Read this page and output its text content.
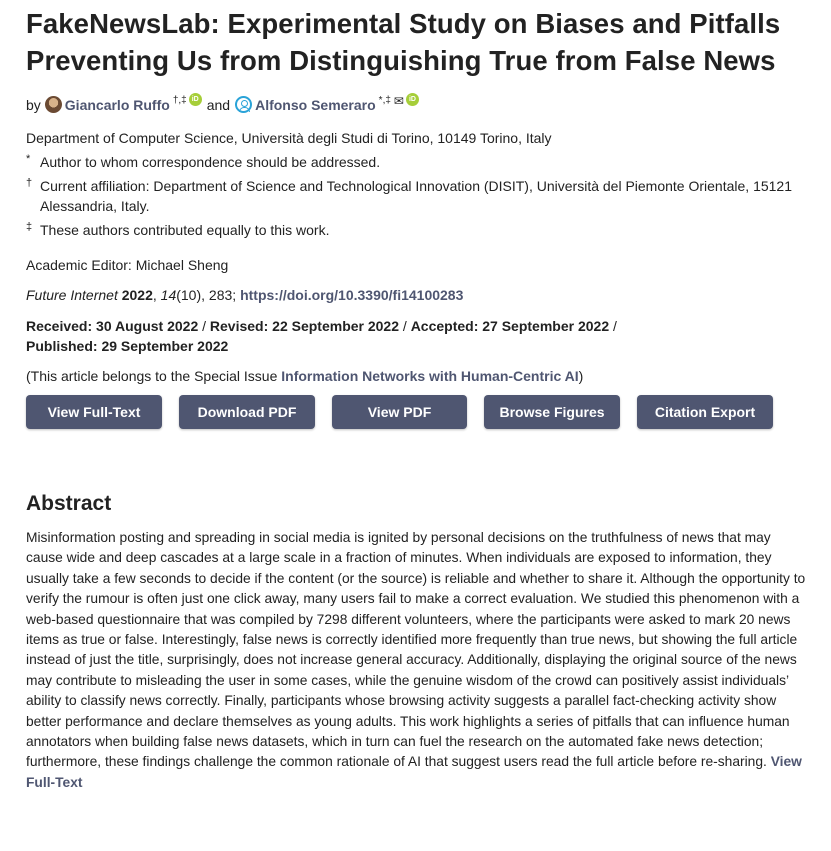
FakeNewsLab: Experimental Study on Biases and Pitfalls Preventing Us from Distinguishing True from False News
by Giancarlo Ruffo †,‡ iD and Alfonso Semeraro *,‡ ✉ iD
Department of Computer Science, Università degli Studi di Torino, 10149 Torino, Italy
* Author to whom correspondence should be addressed.
† Current affiliation: Department of Science and Technological Innovation (DISIT), Università del Piemonte Orientale, 15121 Alessandria, Italy.
‡ These authors contributed equally to this work.
Academic Editor: Michael Sheng
Future Internet 2022, 14(10), 283; https://doi.org/10.3390/fi14100283
Received: 30 August 2022 / Revised: 22 September 2022 / Accepted: 27 September 2022 / Published: 29 September 2022
(This article belongs to the Special Issue Information Networks with Human-Centric AI)
View Full-Text	Download PDF	View PDF	Browse Figures	Citation Export
Abstract
Misinformation posting and spreading in social media is ignited by personal decisions on the truthfulness of news that may cause wide and deep cascades at a large scale in a fraction of minutes. When individuals are exposed to information, they usually take a few seconds to decide if the content (or the source) is reliable and whether to share it. Although the opportunity to verify the rumour is often just one click away, many users fail to make a correct evaluation. We studied this phenomenon with a web-based questionnaire that was compiled by 7298 different volunteers, where the participants were asked to mark 20 news items as true or false. Interestingly, false news is correctly identified more frequently than true news, but showing the full article instead of just the title, surprisingly, does not increase general accuracy. Additionally, displaying the original source of the news may contribute to misleading the user in some cases, while the genuine wisdom of the crowd can positively assist individuals’ ability to classify news correctly. Finally, participants whose browsing activity suggests a parallel fact-checking activity show better performance and declare themselves as young adults. This work highlights a series of pitfalls that can influence human annotators when building false news datasets, which in turn can fuel the research on the automated fake news detection; furthermore, these findings challenge the common rationale of AI that suggest users read the full article before re-sharing. View Full-Text
